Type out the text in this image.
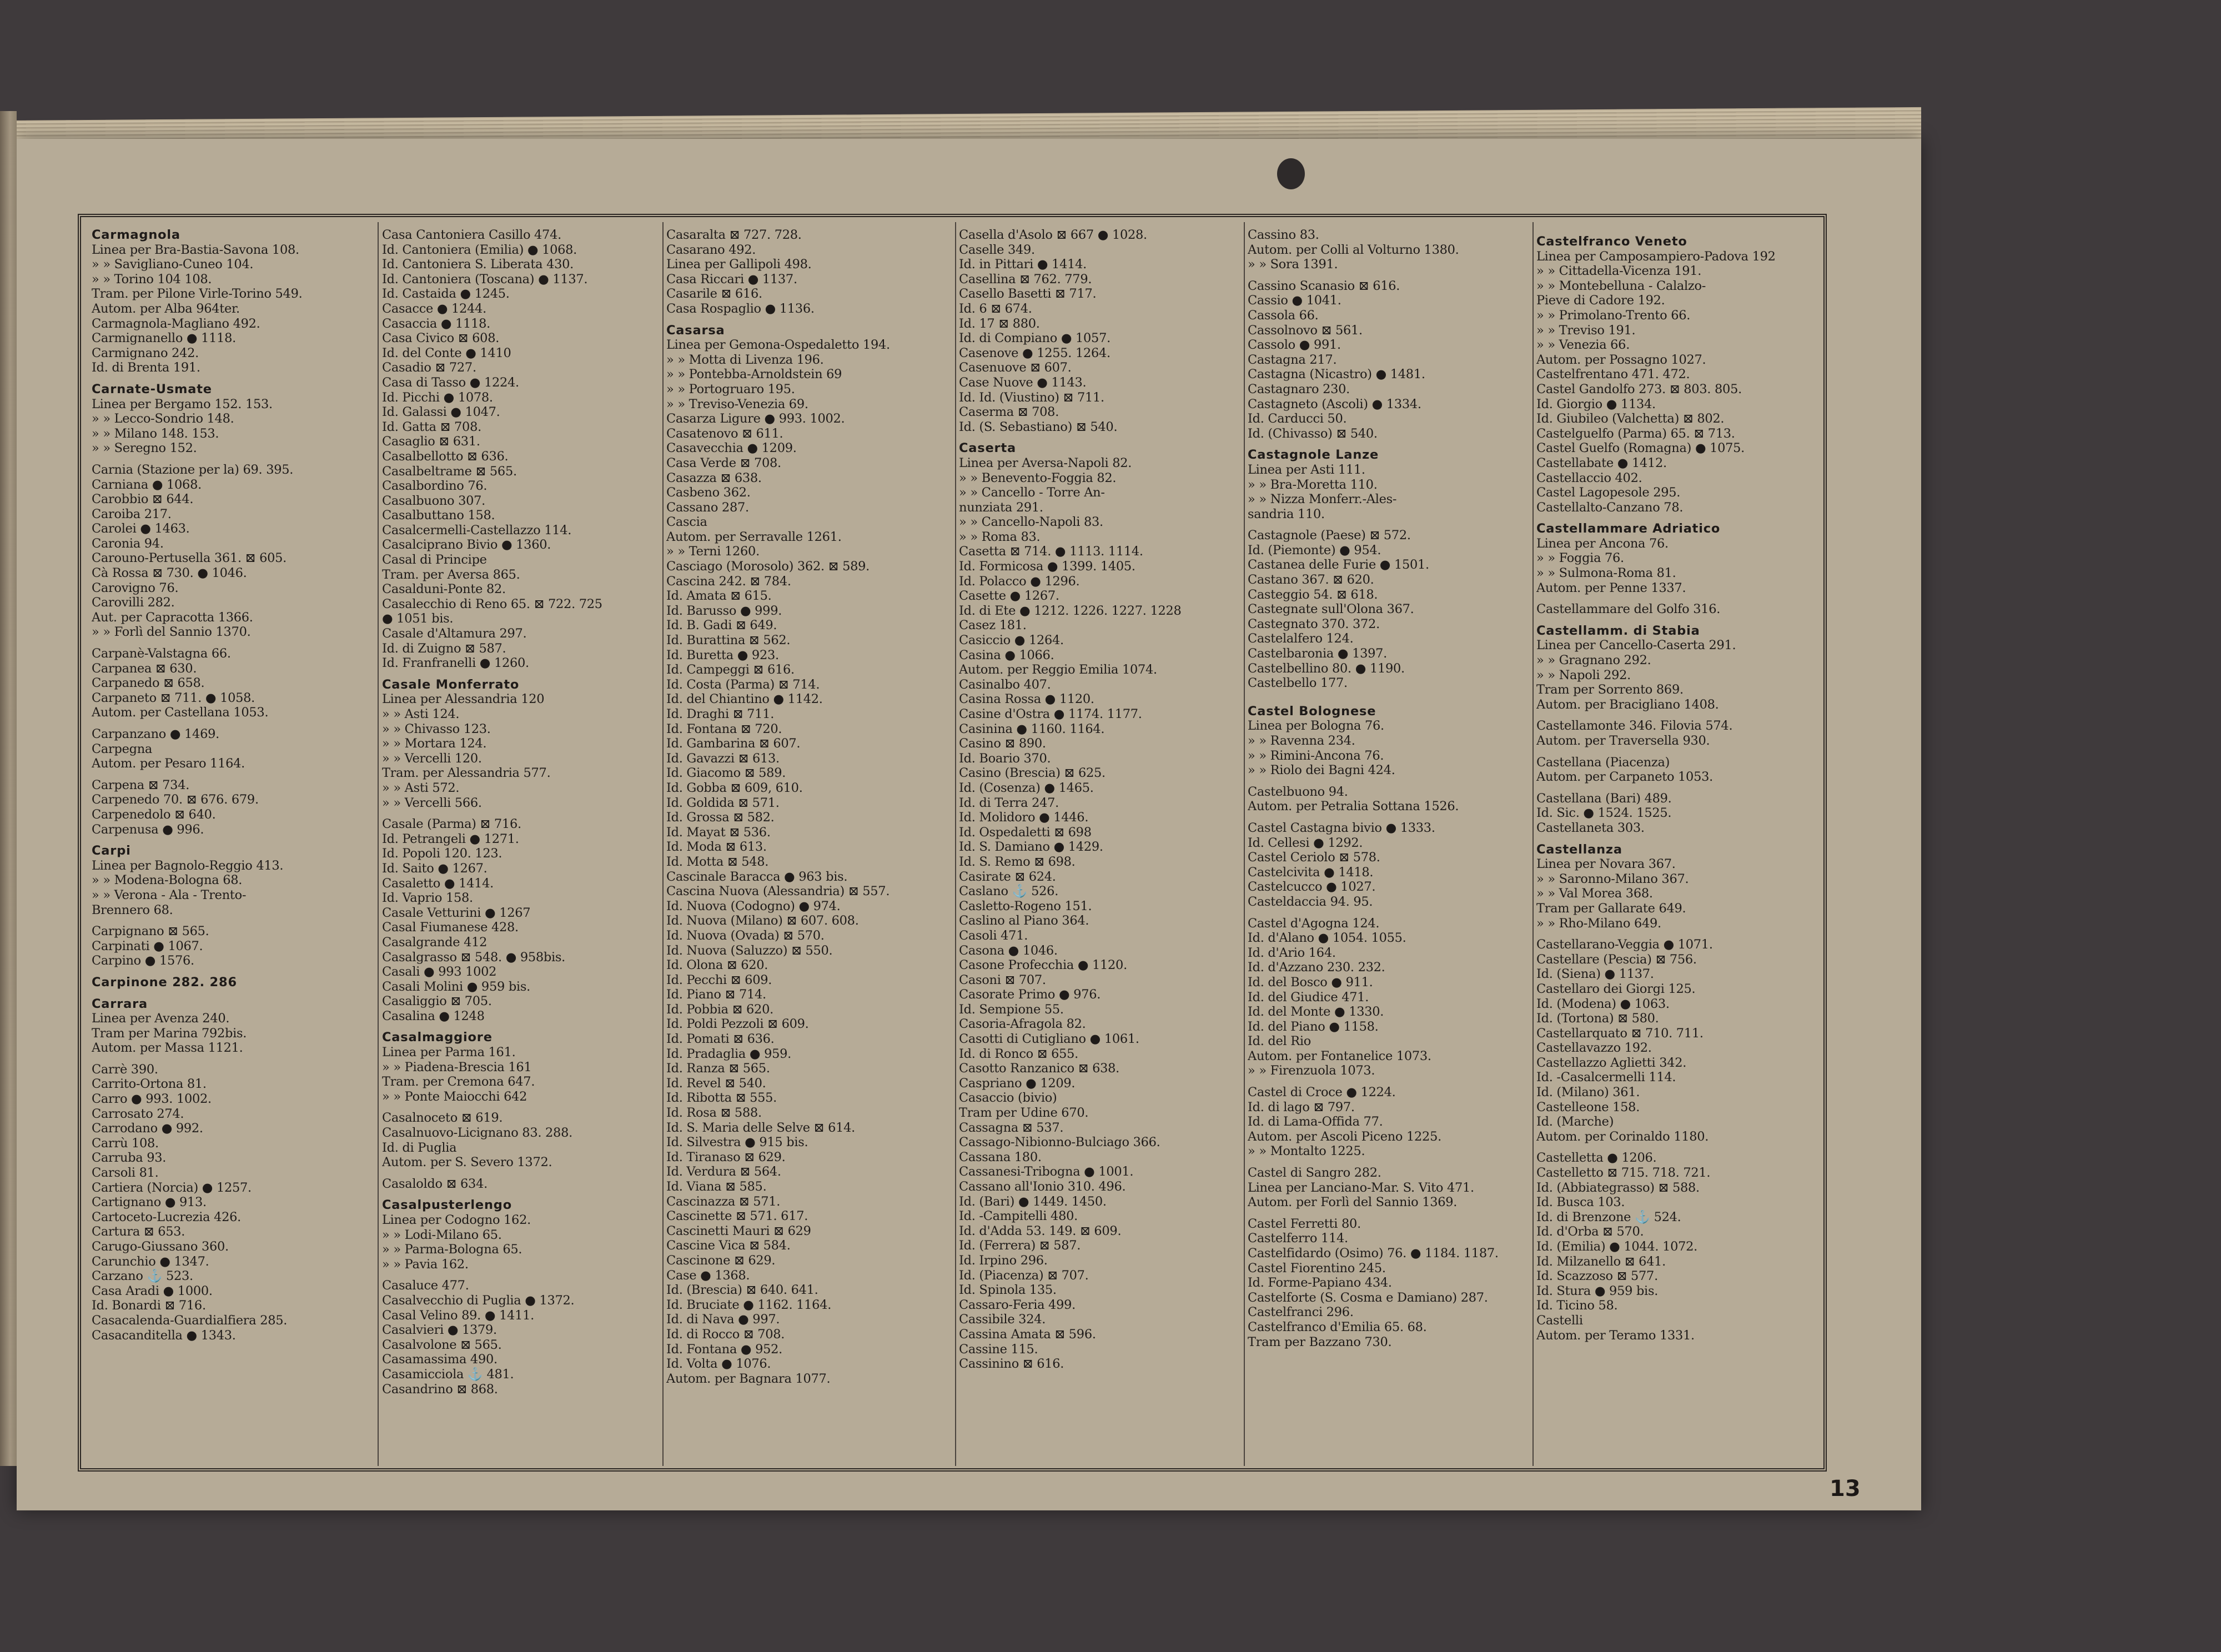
Carmagnola
Linea per Bra-Bastia-Savona 108.
» » Savigliano-Cuneo 104.
» » Torino 104 108.
Tram. per Pilone Virle-Torino 549.
Autom. per Alba 964ter.
Carmagnola-Magliano 492.
Carmignanello ● 1118.
Carmignano 242.
Id. di Brenta 191.
Carnate-Usmate
Linea per Bergamo 152. 153.
» » Lecco-Sondrio 148.
» » Milano 148. 153.
» » Seregno 152.
Carnia (Stazione per la) 69. 395.
Carniana ● 1068.
Carobbio ⊠ 644.
Caroiba 217.
Carolei ● 1463.
Caronia 94.
Carouno-Pertusella 361. ⊠ 605.
Cà Rossa ⊠ 730. ● 1046.
Carovigno 76.
Carovilli 282.
Aut. per Capracotta 1366.
» » Forlì del Sannio 1370.
Carpanè-Valstagna 66.
Carpanea ⊠ 630.
Carpanedo ⊠ 658.
Carpaneto ⊠ 711. ● 1058.
Autom. per Castellana 1053.
Carpanzano ● 1469.
Carpegna
Autom. per Pesaro 1164.
Carpena ⊠ 734.
Carpenedo 70. ⊠ 676. 679.
Carpenedolo ⊠ 640.
Carpenusa ● 996.
Carpi
Linea per Bagnolo-Reggio 413.
» » Modena-Bologna 68.
» » Verona - Ala - Trento-
Brennero 68.
Carpignano ⊠ 565.
Carpinati ● 1067.
Carpino ● 1576.
Carpinone 282. 286
Carrara
Linea per Avenza 240.
Tram per Marina 792bis.
Autom. per Massa 1121.
Carrè 390.
Carrito-Ortona 81.
Carro ● 993. 1002.
Carrosato 274.
Carrodano ● 992.
Carrù 108.
Carruba 93.
Carsoli 81.
Cartiera (Norcia) ● 1257.
Cartignano ● 913.
Cartoceto-Lucrezia 426.
Cartura ⊠ 653.
Carugo-Giussano 360.
Carunchio ● 1347.
Carzano ⚓ 523.
Casa Aradi ● 1000.
Id. Bonardi ⊠ 716.
Casacalenda-Guardialfiera 285.
Casacanditella ● 1343.
Casa Cantoniera Casillo 474.
Id. Cantoniera (Emilia) ● 1068.
Id. Cantoniera S. Liberata 430.
Id. Cantoniera (Toscana) ● 1137.
Id. Castaida ● 1245.
Casacce ● 1244.
Casaccia ● 1118.
Casa Civico ⊠ 608.
Id. del Conte ● 1410
Casadio ⊠ 727.
Casa di Tasso ● 1224.
Id. Picchi ● 1078.
Id. Galassi ● 1047.
Id. Gatta ⊠ 708.
Casaglio ⊠ 631.
Casalbellotto ⊠ 636.
Casalbeltrame ⊠ 565.
Casalbordino 76.
Casalbuono 307.
Casalbuttano 158.
Casalcermelli-Castellazzo 114.
Casalciprano Bivio ● 1360.
Casal di Principe
Tram. per Aversa 865.
Casalduni-Ponte 82.
Casalecchio di Reno 65. ⊠ 722. 725
● 1051 bis.
Casale d'Altamura 297.
Id. di Zuigno ⊠ 587.
Id. Franfranelli ● 1260.
Casale Monferrato
Linea per Alessandria 120
» » Asti 124.
» » Chivasso 123.
» » Mortara 124.
» » Vercelli 120.
Tram. per Alessandria 577.
» » Asti 572.
» » Vercelli 566.
Casale (Parma) ⊠ 716.
Id. Petrangeli ● 1271.
Id. Popoli 120. 123.
Id. Saito ● 1267.
Casaletto ● 1414.
Id. Vaprio 158.
Casale Vetturini ● 1267
Casal Fiumanese 428.
Casalgrande 412
Casalgrasso ⊠ 548. ● 958bis.
Casali ● 993 1002
Casali Molini ● 959 bis.
Casaliggio ⊠ 705.
Casalina ● 1248
Casalmaggiore
Linea per Parma 161.
» » Piadena-Brescia 161
Tram. per Cremona 647.
» » Ponte Maiocchi 642
Casalnoceto ⊠ 619.
Casalnuovo-Licignano 83. 288.
Id. di Puglia
Autom. per S. Severo 1372.
Casaloldo ⊠ 634.
Casalpusterlengo
Linea per Codogno 162.
» » Lodi-Milano 65.
» » Parma-Bologna 65.
» » Pavia 162.
Casaluce 477.
Casalvecchio di Puglia ● 1372.
Casal Velino 89. ● 1411.
Casalvieri ● 1379.
Casalvolone ⊠ 565.
Casamassima 490.
Casamicciola ⚓ 481.
Casandrino ⊠ 868.
Casaralta ⊠ 727. 728.
Casarano 492.
Linea per Gallipoli 498.
Casa Riccari ● 1137.
Casarile ⊠ 616.
Casa Rospaglio ● 1136.
Casarsa
Linea per Gemona-Ospedaletto 194.
» » Motta di Livenza 196.
» » Pontebba-Arnoldstein 69
» » Portogruaro 195.
» » Treviso-Venezia 69.
Casarza Ligure ● 993. 1002.
Casatenovo ⊠ 611.
Casavecchia ● 1209.
Casa Verde ⊠ 708.
Casazza ⊠ 638.
Casbeno 362.
Cassano 287.
Cascia
Autom. per Serravalle 1261.
» » Terni 1260.
Casciago (Morosolo) 362. ⊠ 589.
Cascina 242. ⊠ 784.
Id. Amata ⊠ 615.
Id. Barusso ● 999.
Id. B. Gadi ⊠ 649.
Id. Burattina ⊠ 562.
Id. Buretta ● 923.
Id. Campeggi ⊠ 616.
Id. Costa (Parma) ⊠ 714.
Id. del Chiantino ● 1142.
Id. Draghi ⊠ 711.
Id. Fontana ⊠ 720.
Id. Gambarina ⊠ 607.
Id. Gavazzi ⊠ 613.
Id. Giacomo ⊠ 589.
Id. Gobba ⊠ 609, 610.
Id. Goldida ⊠ 571.
Id. Grossa ⊠ 582.
Id. Mayat ⊠ 536.
Id. Moda ⊠ 613.
Id. Motta ⊠ 548.
Cascinale Baracca ● 963 bis.
Cascina Nuova (Alessandria) ⊠ 557.
Id. Nuova (Codogno) ● 974.
Id. Nuova (Milano) ⊠ 607. 608.
Id. Nuova (Ovada) ⊠ 570.
Id. Nuova (Saluzzo) ⊠ 550.
Id. Olona ⊠ 620.
Id. Pecchi ⊠ 609.
Id. Piano ⊠ 714.
Id. Pobbia ⊠ 620.
Id. Poldi Pezzoli ⊠ 609.
Id. Pomati ⊠ 636.
Id. Pradaglia ● 959.
Id. Ranza ⊠ 565.
Id. Revel ⊠ 540.
Id. Ribotta ⊠ 555.
Id. Rosa ⊠ 588.
Id. S. Maria delle Selve ⊠ 614.
Id. Silvestra ● 915 bis.
Id. Tiranaso ⊠ 629.
Id. Verdura ⊠ 564.
Id. Viana ⊠ 585.
Cascinazza ⊠ 571.
Cascinette ⊠ 571. 617.
Cascinetti Mauri ⊠ 629
Cascine Vica ⊠ 584.
Cascinone ⊠ 629.
Case ● 1368.
Id. (Brescia) ⊠ 640. 641.
Id. Bruciate ● 1162. 1164.
Id. di Nava ● 997.
Id. di Rocco ⊠ 708.
Id. Fontana ● 952.
Id. Volta ● 1076.
Autom. per Bagnara 1077.
Casella d'Asolo ⊠ 667 ● 1028.
Caselle 349.
Id. in Pittari ● 1414.
Casellina ⊠ 762. 779.
Casello Basetti ⊠ 717.
Id. 6 ⊠ 674.
Id. 17 ⊠ 880.
Id. di Compiano ● 1057.
Casenove ● 1255. 1264.
Casenuove ⊠ 607.
Case Nuove ● 1143.
Id. Id. (Viustino) ⊠ 711.
Caserma ⊠ 708.
Id. (S. Sebastiano) ⊠ 540.
Caserta
Linea per Aversa-Napoli 82.
» » Benevento-Foggia 82.
» » Cancello - Torre An-
nunziata 291.
» » Cancello-Napoli 83.
» » Roma 83.
Casetta ⊠ 714. ● 1113. 1114.
Id. Formicosa ● 1399. 1405.
Id. Polacco ● 1296.
Casette ● 1267.
Id. di Ete ● 1212. 1226. 1227. 1228
Casez 181.
Casiccio ● 1264.
Casina ● 1066.
Autom. per Reggio Emilia 1074.
Casinalbo 407.
Casina Rossa ● 1120.
Casine d'Ostra ● 1174. 1177.
Casinina ● 1160. 1164.
Casino ⊠ 890.
Id. Boario 370.
Casino (Brescia) ⊠ 625.
Id. (Cosenza) ● 1465.
Id. di Terra 247.
Id. Molidoro ● 1446.
Id. Ospedaletti ⊠ 698
Id. S. Damiano ● 1429.
Id. S. Remo ⊠ 698.
Casirate ⊠ 624.
Caslano ⚓ 526.
Casletto-Rogeno 151.
Caslino al Piano 364.
Casoli 471.
Casona ● 1046.
Casone Profecchia ● 1120.
Casoni ⊠ 707.
Casorate Primo ● 976.
Id. Sempione 55.
Casoria-Afragola 82.
Casotti di Cutigliano ● 1061.
Id. di Ronco ⊠ 655.
Casotto Ranzanico ⊠ 638.
Caspriano ● 1209.
Casaccio (bivio)
Tram per Udine 670.
Cassagna ⊠ 537.
Cassago-Nibionno-Bulciago 366.
Cassana 180.
Cassanesi-Tribogna ● 1001.
Cassano all'Ionio 310. 496.
Id. (Bari) ● 1449. 1450.
Id. -Campitelli 480.
Id. d'Adda 53. 149. ⊠ 609.
Id. (Ferrera) ⊠ 587.
Id. Irpino 296.
Id. (Piacenza) ⊠ 707.
Id. Spinola 135.
Cassaro-Feria 499.
Cassibile 324.
Cassina Amata ⊠ 596.
Cassine 115.
Cassinino ⊠ 616.
Cassino 83.
Autom. per Colli al Volturno 1380.
» » Sora 1391.
Cassino Scanasio ⊠ 616.
Cassio ● 1041.
Cassola 66.
Cassolnovo ⊠ 561.
Cassolo ● 991.
Castagna 217.
Castagna (Nicastro) ● 1481.
Castagnaro 230.
Castagneto (Ascoli) ● 1334.
Id. Carducci 50.
Id. (Chivasso) ⊠ 540.
Castagnole Lanze
Linea per Asti 111.
» » Bra-Moretta 110.
» » Nizza Monferr.-Ales-
sandria 110.
Castagnole (Paese) ⊠ 572.
Id. (Piemonte) ● 954.
Castanea delle Furie ● 1501.
Castano 367. ⊠ 620.
Casteggio 54. ⊠ 618.
Castegnate sull'Olona 367.
Castegnato 370. 372.
Castelalfero 124.
Castelbaronia ● 1397.
Castelbellino 80. ● 1190.
Castelbello 177.
Castel Bolognese
Linea per Bologna 76.
» » Ravenna 234.
» » Rimini-Ancona 76.
» » Riolo dei Bagni 424.
Castelbuono 94.
Autom. per Petralia Sottana 1526.
Castel Castagna bivio ● 1333.
Id. Cellesi ● 1292.
Castel Ceriolo ⊠ 578.
Castelcivita ● 1418.
Castelcucco ● 1027.
Casteldaccia 94. 95.
Castel d'Agogna 124.
Id. d'Alano ● 1054. 1055.
Id. d'Ario 164.
Id. d'Azzano 230. 232.
Id. del Bosco ● 911.
Id. del Giudice 471.
Id. del Monte ● 1330.
Id. del Piano ● 1158.
Id. del Rio
Autom. per Fontanelice 1073.
» » Firenzuola 1073.
Castel di Croce ● 1224.
Id. di lago ⊠ 797.
Id. di Lama-Offida 77.
Autom. per Ascoli Piceno 1225.
» » Montalto 1225.
Castel di Sangro 282.
Linea per Lanciano-Mar. S. Vito 471.
Autom. per Forlì del Sannio 1369.
Castel Ferretti 80.
Castelferro 114.
Castelfidardo (Osimo) 76. ● 1184. 1187.
Castel Fiorentino 245.
Id. Forme-Papiano 434.
Castelforte (S. Cosma e Damiano) 287.
Castelfranci 296.
Castelfranco d'Emilia 65. 68.
Tram per Bazzano 730.
Castelfranco Veneto
Linea per Camposampiero-Padova 192
» » Cittadella-Vicenza 191.
» » Montebelluna - Calalzo-
Pieve di Cadore 192.
» » Primolano-Trento 66.
» » Treviso 191.
» » Venezia 66.
Autom. per Possagno 1027.
Castelfrentano 471. 472.
Castel Gandolfo 273. ⊠ 803. 805.
Id. Giorgio ● 1134.
Id. Giubileo (Valchetta) ⊠ 802.
Castelguelfo (Parma) 65. ⊠ 713.
Castel Guelfo (Romagna) ● 1075.
Castellabate ● 1412.
Castellaccio 402.
Castel Lagopesole 295.
Castellalto-Canzano 78.
Castellammare Adriatico
Linea per Ancona 76.
» » Foggia 76.
» » Sulmona-Roma 81.
Autom. per Penne 1337.
Castellammare del Golfo 316.
Castellamm. di Stabia
Linea per Cancello-Caserta 291.
» » Gragnano 292.
» » Napoli 292.
Tram per Sorrento 869.
Autom. per Bracigliano 1408.
Castellamonte 346. Filovia 574.
Autom. per Traversella 930.
Castellana (Piacenza)
Autom. per Carpaneto 1053.
Castellana (Bari) 489.
Id. Sic. ● 1524. 1525.
Castellaneta 303.
Castellanza
Linea per Novara 367.
» » Saronno-Milano 367.
» » Val Morea 368.
Tram per Gallarate 649.
» » Rho-Milano 649.
Castellarano-Veggia ● 1071.
Castellare (Pescia) ⊠ 756.
Id. (Siena) ● 1137.
Castellaro dei Giorgi 125.
Id. (Modena) ● 1063.
Id. (Tortona) ⊠ 580.
Castellarquato ⊠ 710. 711.
Castellavazzo 192.
Castellazzo Aglietti 342.
Id. -Casalcermelli 114.
Id. (Milano) 361.
Castelleone 158.
Id. (Marche)
Autom. per Corinaldo 1180.
Castelletta ● 1206.
Castelletto ⊠ 715. 718. 721.
Id. (Abbiategrasso) ⊠ 588.
Id. Busca 103.
Id. di Brenzone ⚓ 524.
Id. d'Orba ⊠ 570.
Id. (Emilia) ● 1044. 1072.
Id. Milzanello ⊠ 641.
Id. Scazzoso ⊠ 577.
Id. Stura ● 959 bis.
Id. Ticino 58.
Castelli
Autom. per Teramo 1331.
13
